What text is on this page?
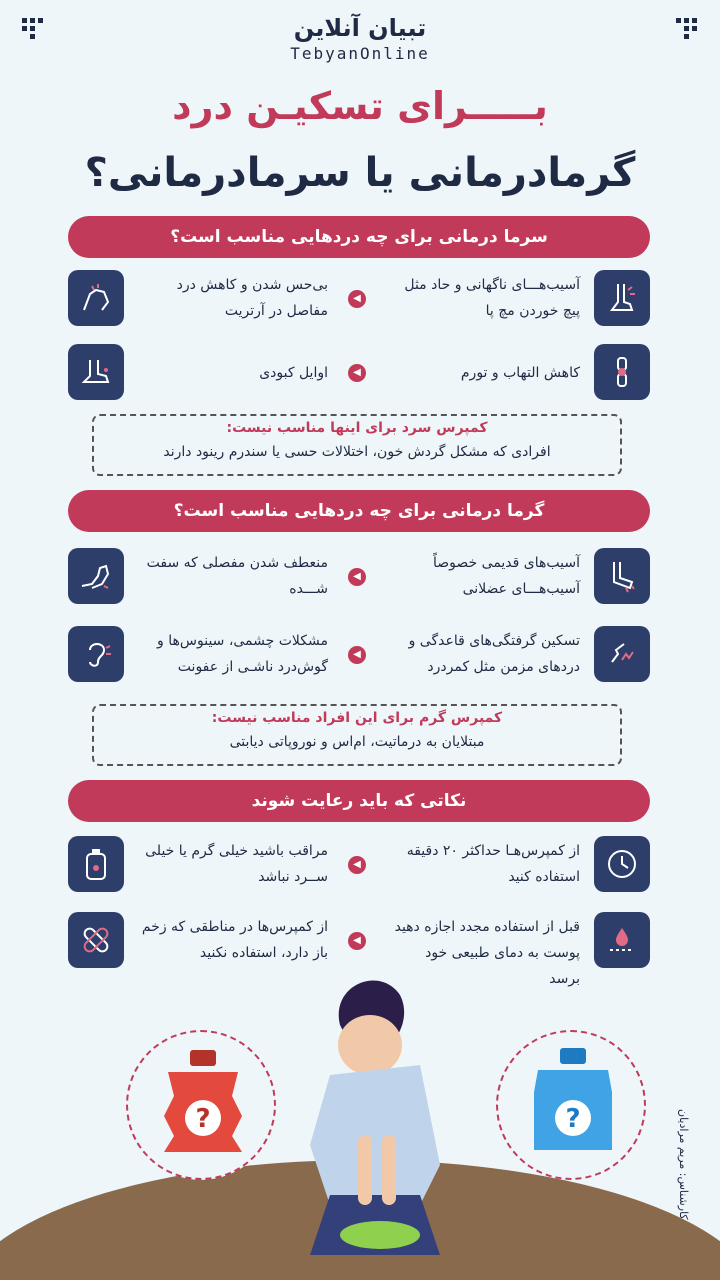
تبیان آنلاین
TebyanOnline
بـــــرای تسکیـن درد
گرمادرمانی یا سرمادرمانی؟
سرما درمانی برای چه دردهایی مناسب است؟
آسیب‌هـــای ناگهانی و حاد مثل پیچ خوردن مچ پا
◀
بی‌حس شدن و کاهش درد مفاصل در آرتریت
کاهش التهاب و تورم
◀
اوایل کبودی
کمپرس سرد برای اینها مناسب نیست:
افرادی که مشکل گردش خون، اختلالات حسی یا سندرم رینود دارند
گرما درمانی برای چه دردهایی مناسب است؟
آسیب‌های قدیمی خصوصاً آسیب‌هـــای عضلانی
◀
منعطف شدن مفصلی که سفت شـــده
تسکین گرفتگی‌های قاعدگی و دردهای مزمن مثل کمردرد
◀
مشکلات چشمی، سینوس‌ها و گوش‌درد ناشـی از عفونت
کمپرس گرم برای این افراد مناسب نیست:
مبتلایان به درماتیت، ام‌اس و نوروپاتی دیابتی
نکاتی که باید رعایت شوند
از کمپرس‌هـا حداکثر ۲۰ دقیقه استفاده کنید
◀
مراقب باشید خیلی گرم یا خیلی ســرد نباشد
قبل از استفاده مجدد اجازه دهید پوست به دمای طبیعی خود برسد
◀
از کمپرس‌ها در مناطقی که زخم باز دارد، استفاده نکنید
?	?	کارشناس: مریم مرادیان
